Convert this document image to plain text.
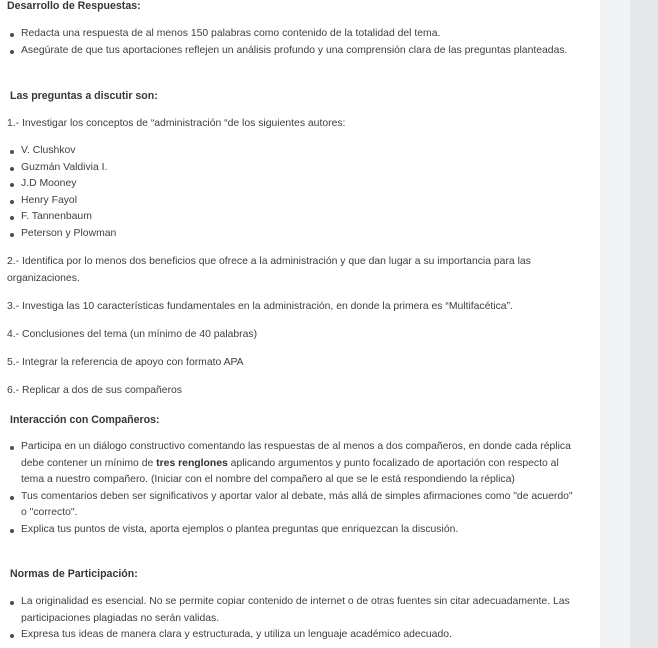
Desarrollo de Respuestas:
Redacta una respuesta de al menos 150 palabras como contenido de la totalidad del tema.
Asegúrate de que tus aportaciones reflejen un análisis profundo y una comprensión clara de las preguntas planteadas.
Las preguntas a discutir son:

1.- Investigar los conceptos de “administración “de los siguientes autores:

V. Clushkov
Guzmán Valdivia I.
J.D Mooney
Henry Fayol
F. Tannenbaum
Peterson y Plowman

2.- Identifica por lo menos dos beneficios que ofrece a la administración y que dan lugar a su importancia para las organizaciones.

3.- Investiga las 10 características fundamentales en la administración, en donde la primera es “Multifacética”.

4.- Conclusiones del tema (un mínimo de 40 palabras)

5.- Integrar la referencia de apoyo con formato APA

6.- Replicar a dos de sus compañeros

Interacción con Compañeros:
Participa en un diálogo constructivo comentando las respuestas de al menos a dos compañeros, en donde cada réplica debe contener un mínimo de tres renglones aplicando argumentos y punto focalizado de aportación con respecto al tema a nuestro compañero. (Iniciar con el nombre del compañero al que se le está respondiendo la réplica)
Tus comentarios deben ser significativos y aportar valor al debate, más allá de simples afirmaciones como "de acuerdo" o "correcto".
Explica tus puntos de vista, aporta ejemplos o plantea preguntas que enriquezcan la discusión.
Normas de Participación:
La originalidad es esencial. No se permite copiar contenido de internet o de otras fuentes sin citar adecuadamente. Las participaciones plagiadas no serán validas.
Expresa tus ideas de manera clara y estructurada, y utiliza un lenguaje académico adecuado.
